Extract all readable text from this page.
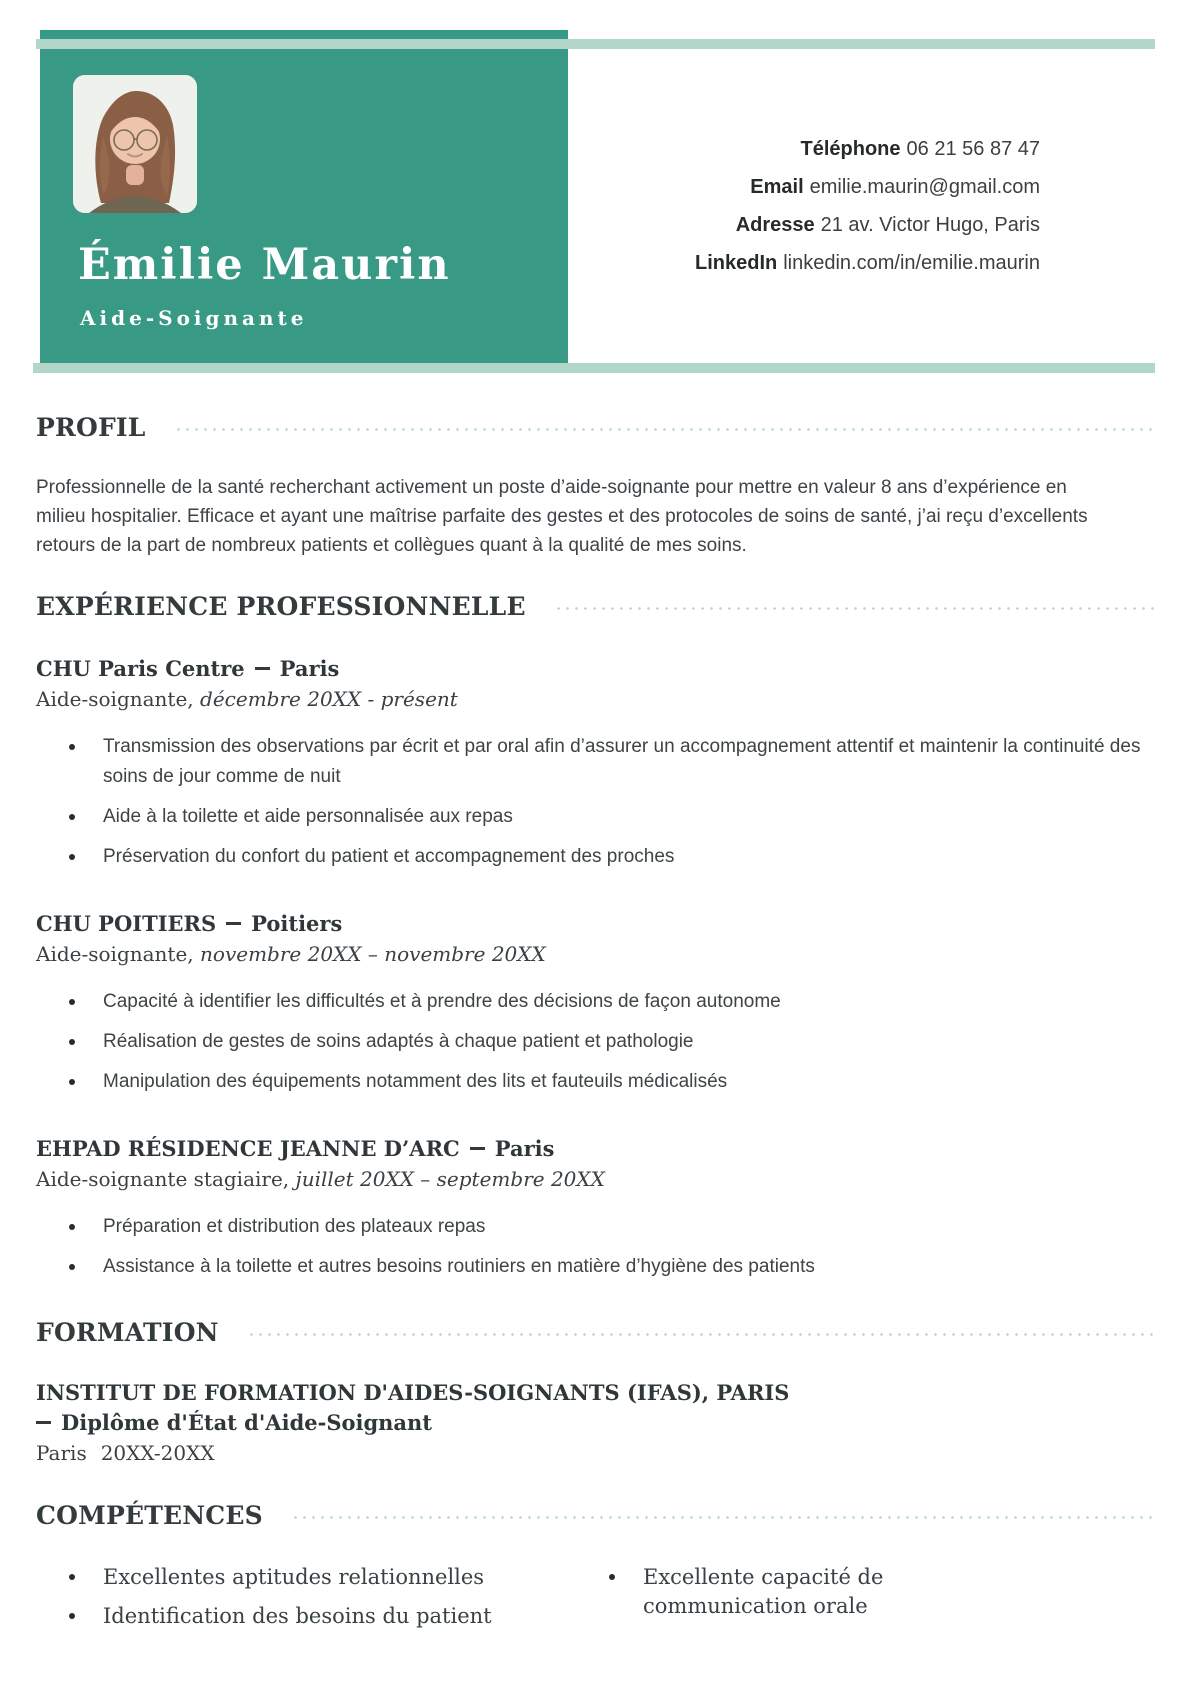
Émilie Maurin
Aide-Soignante
Téléphone 06 21 56 87 47
Email emilie.maurin@gmail.com
Adresse 21 av. Victor Hugo, Paris
LinkedIn linkedin.com/in/emilie.maurin
PROFIL

Professionnelle de la santé recherchant activement un poste d’aide-soignante pour mettre en valeur 8 ans d’expérience en milieu hospitalier. Efficace et ayant une maîtrise parfaite des gestes et des protocoles de soins de santé, j’ai reçu d’excellents retours de la part de nombreux patients et collègues quant à la qualité de mes soins.

EXPÉRIENCE PROFESSIONNELLE
CHU Paris Centre Paris
Aide-soignante, décembre 20XX - présent
Transmission des observations par écrit et par oral afin d’assurer un accompagnement attentif et maintenir la continuité des soins de jour comme de nuit
Aide à la toilette et aide personnalisée aux repas
Préservation du confort du patient et accompagnement des proches
CHU POITIERS Poitiers
Aide-soignante, novembre 20XX – novembre 20XX
Capacité à identifier les difficultés et à prendre des décisions de façon autonome
Réalisation de gestes de soins adaptés à chaque patient et pathologie
Manipulation des équipements notamment des lits et fauteuils médicalisés
EHPAD RÉSIDENCE JEANNE D’ARC Paris
Aide-soignante stagiaire, juillet 20XX – septembre 20XX
Préparation et distribution des plateaux repas
Assistance à la toilette et autres besoins routiniers en matière d’hygiène des patients
FORMATION
INSTITUT DE FORMATION D'AIDES-SOIGNANTS (IFAS), PARIS
Diplôme d'État d'Aide-Soignant
Paris 20XX-20XX
COMPÉTENCES
Excellentes aptitudes relationnelles
Identification des besoins du patient
Excellente capacité de communication orale
